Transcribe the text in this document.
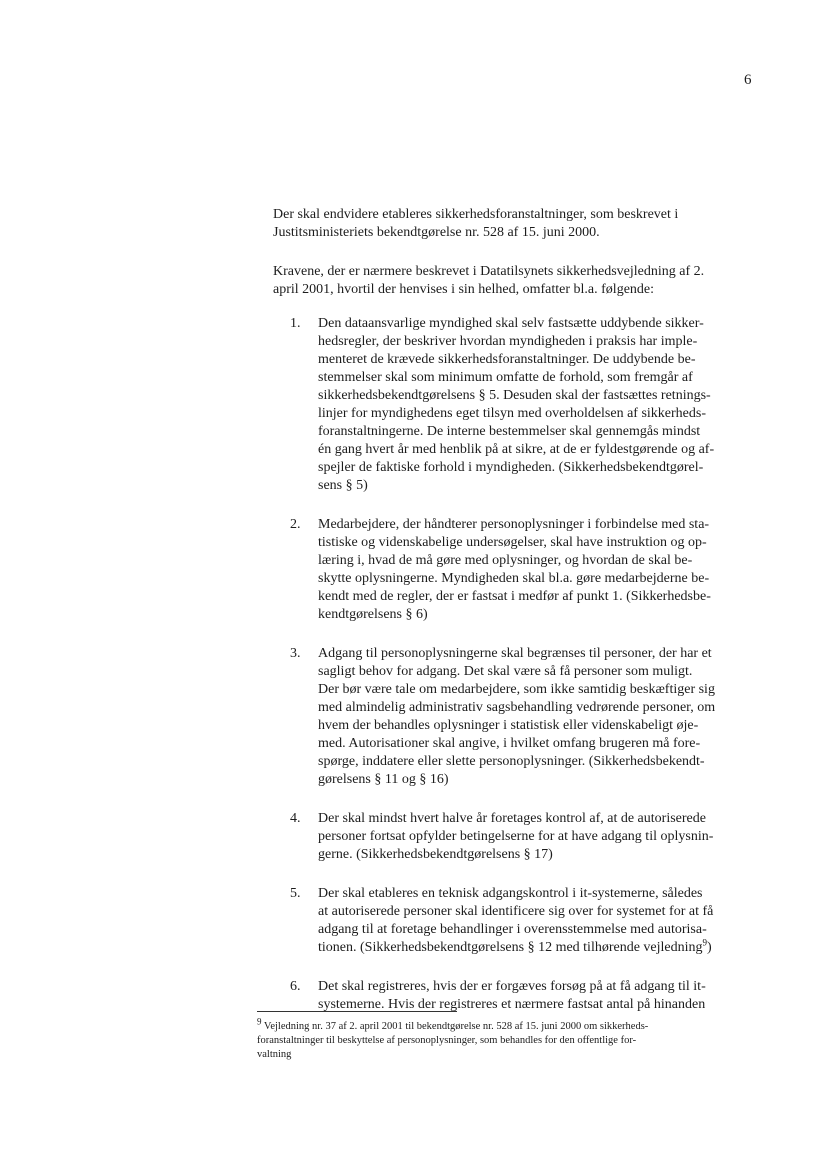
6

Der skal endvidere etableres sikkerhedsforanstaltninger, som beskrevet i
Justitsministeriets bekendtgørelse nr. 528 af 15. juni 2000.

Kravene, der er nærmere beskrevet i Datatilsynets sikkerhedsvejledning af 2.
april 2001, hvortil der henvises i sin helhed, omfatter bl.a. følgende:

1.	Den dataansvarlige myndighed skal selv fastsætte uddybende sikker-
hedsregler, der beskriver hvordan myndigheden i praksis har imple-
menteret de krævede sikkerhedsforanstaltninger. De uddybende be-
stemmelser skal som minimum omfatte de forhold, som fremgår af
sikkerhedsbekendtgørelsens § 5. Desuden skal der fastsættes retnings-
linjer for myndighedens eget tilsyn med overholdelsen af sikkerheds-
foranstaltningerne. De interne bestemmelser skal gennemgås mindst
én gang hvert år med henblik på at sikre, at de er fyldestgørende og af-
spejler de faktiske forhold i myndigheden. (Sikkerhedsbekendtgørel-
sens § 5)
2.	Medarbejdere, der håndterer personoplysninger i forbindelse med sta-
tistiske og videnskabelige undersøgelser, skal have instruktion og op-
læring i, hvad de må gøre med oplysninger, og hvordan de skal be-
skytte oplysningerne. Myndigheden skal bl.a. gøre medarbejderne be-
kendt med de regler, der er fastsat i medfør af punkt 1. (Sikkerhedsbe-
kendtgørelsens § 6)
3.	Adgang til personoplysningerne skal begrænses til personer, der har et
sagligt behov for adgang. Det skal være så få personer som muligt.
Der bør være tale om medarbejdere, som ikke samtidig beskæftiger sig
med almindelig administrativ sagsbehandling vedrørende personer, om
hvem der behandles oplysninger i statistisk eller videnskabeligt øje-
med. Autorisationer skal angive, i hvilket omfang brugeren må fore-
spørge, inddatere eller slette personoplysninger. (Sikkerhedsbekendt-
gørelsens § 11 og § 16)
4.	Der skal mindst hvert halve år foretages kontrol af, at de autoriserede
personer fortsat opfylder betingelserne for at have adgang til oplysnin-
gerne. (Sikkerhedsbekendtgørelsens § 17)
5.	Der skal etableres en teknisk adgangskontrol i it-systemerne, således
at autoriserede personer skal identificere sig over for systemet for at få
adgang til at foretage behandlinger i overensstemmelse med autorisa-
tionen. (Sikkerhedsbekendtgørelsens § 12 med tilhørende vejledning$^9$)
6.	Det skal registreres, hvis der er forgæves forsøg på at få adgang til it-
systemerne. Hvis der registreres et nærmere fastsat antal på hinanden
$^9$ Vejledning nr. 37 af 2. april 2001 til bekendtgørelse nr. 528 af 15. juni 2000 om sikkerheds-
foranstaltninger til beskyttelse af personoplysninger, som behandles for den offentlige for-
valtning
